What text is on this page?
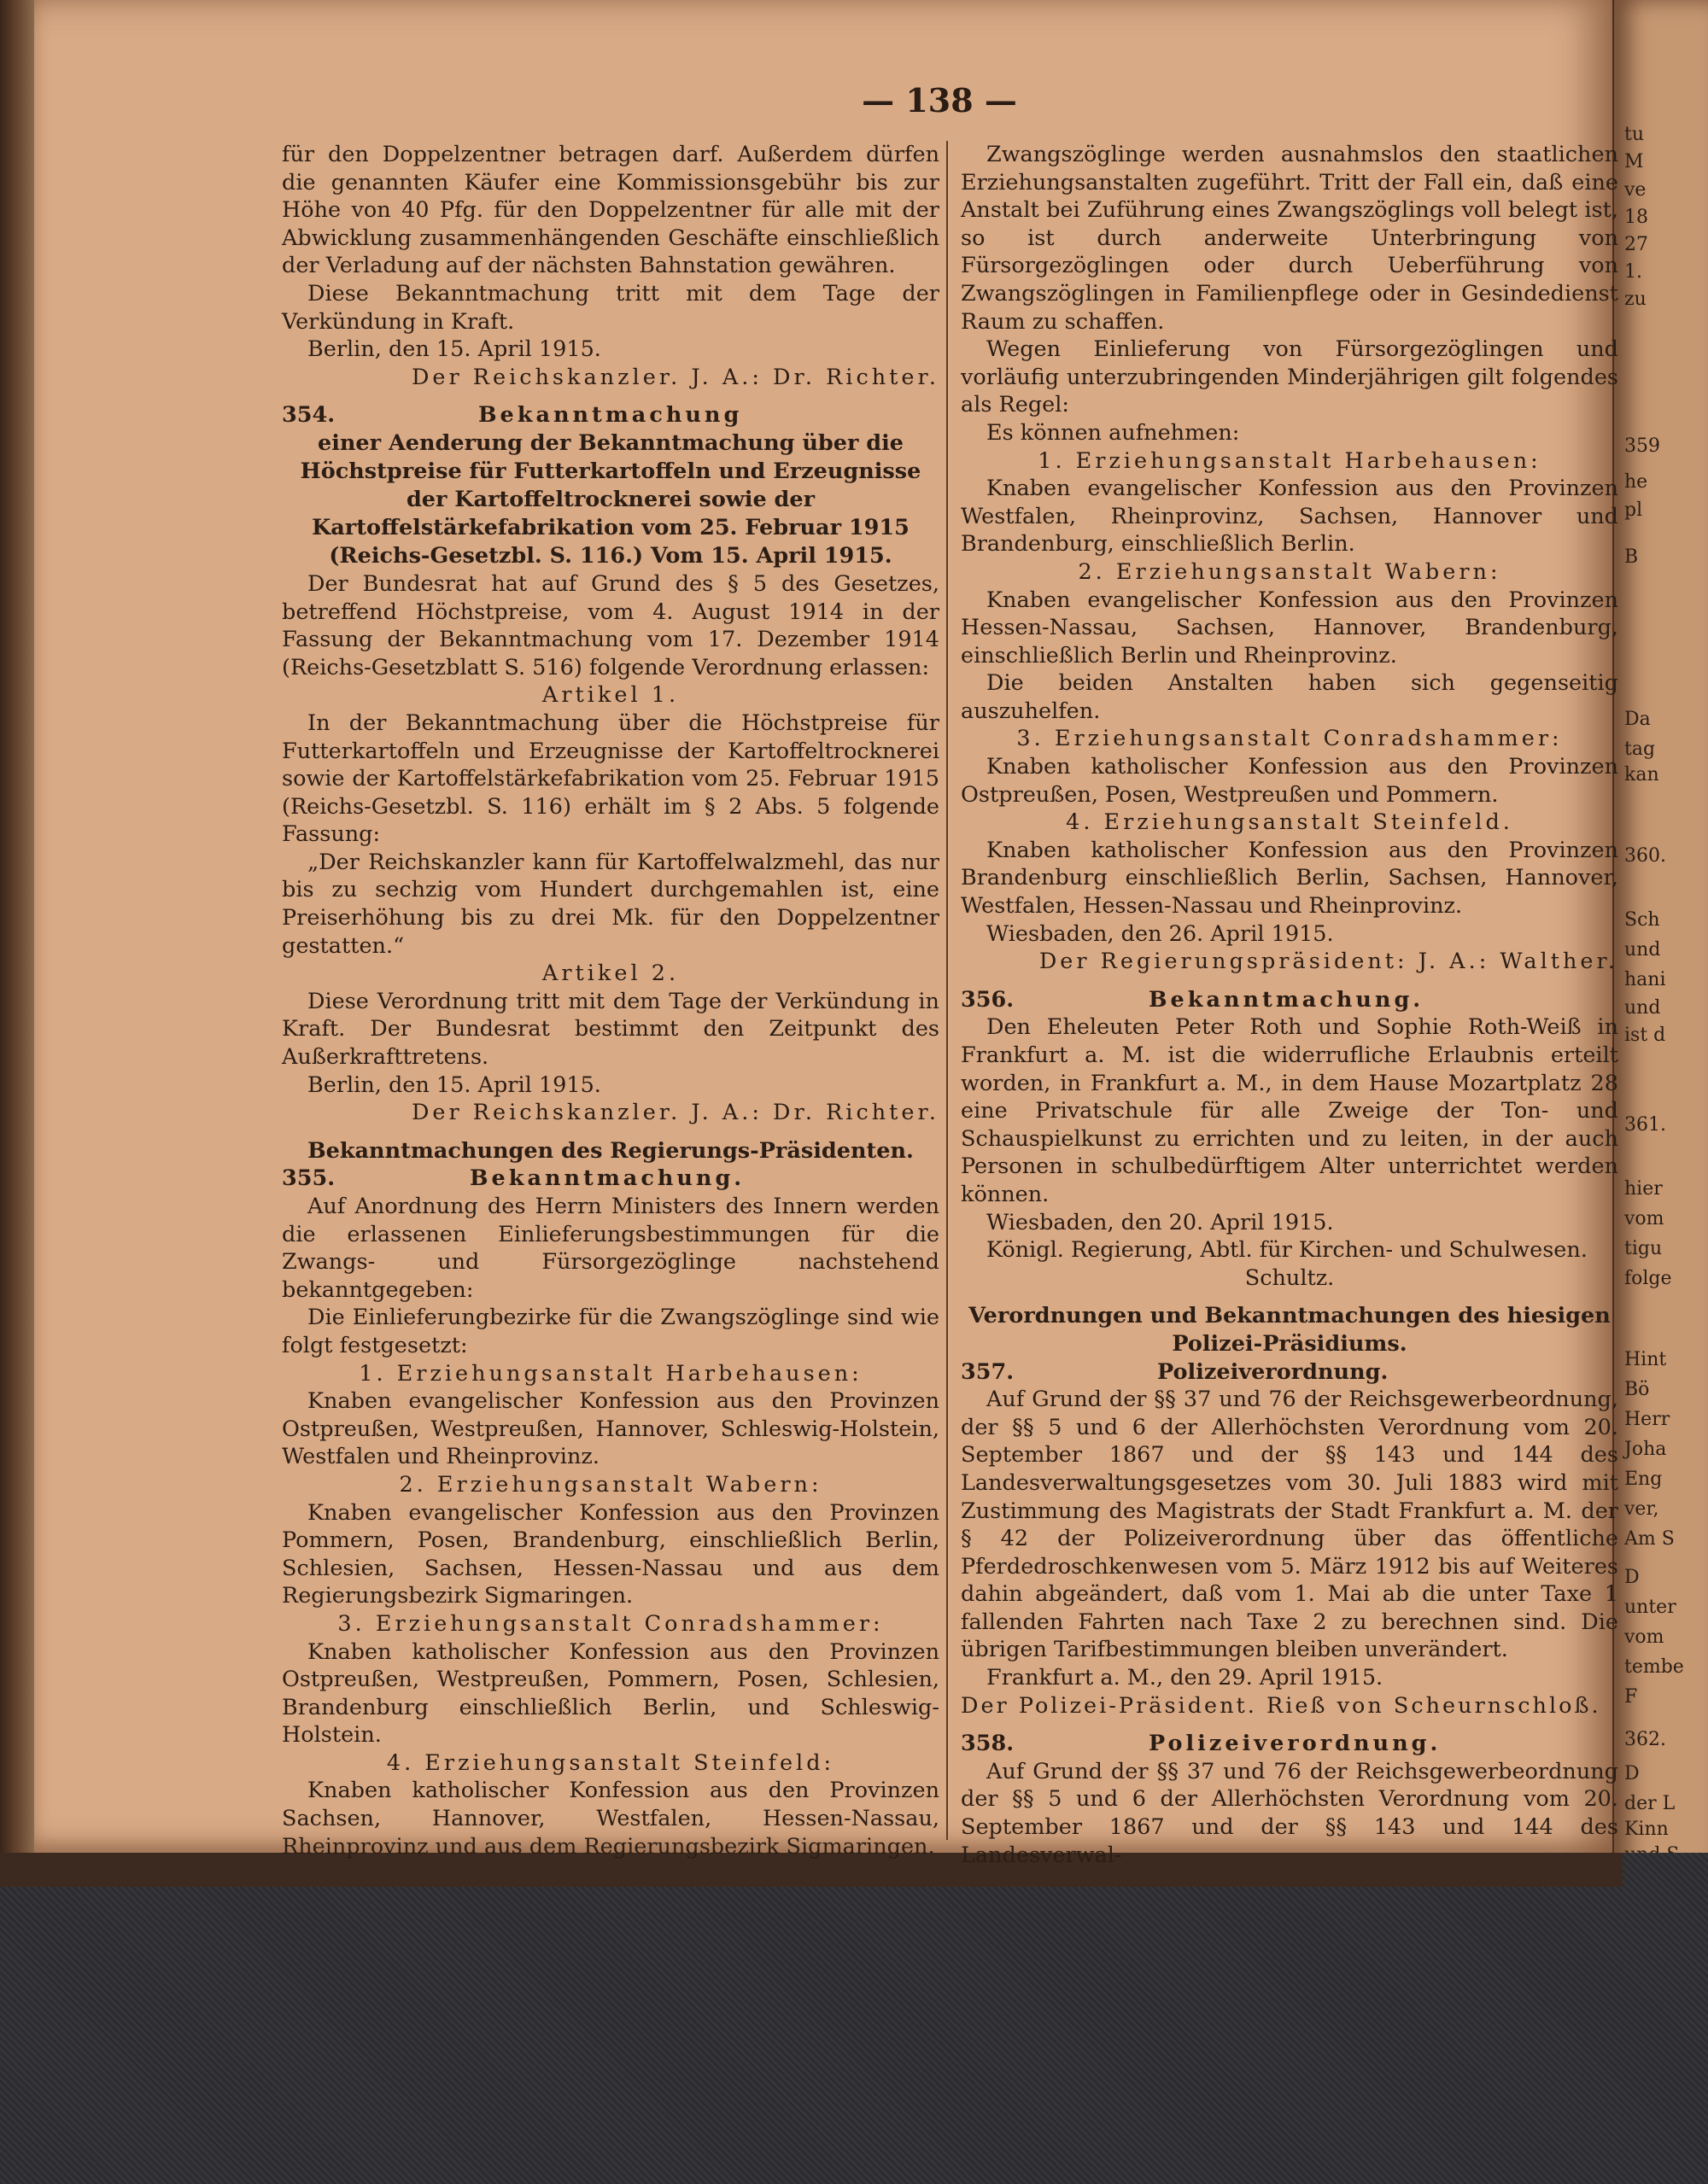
tu
M
ve
18
27
1.
zu
359
he
pl
B
Da
tag
kan
360.
Sch
und
hani
und
ist d
361.
hier
vom
tigu
folge
Hint
Bö
Herr
Joha
Eng
ver,
Am S
D
unter
vom
tembe
F
362.
D
der L
Kinn
— 138 —

für den Doppelzentner betragen darf. Außerdem dürfen die genannten Käufer eine Kommissionsgebühr bis zur Höhe von 40 Pfg. für den Doppelzentner für alle mit der Abwicklung zusammenhängenden Geschäfte einschließlich der Verladung auf der nächsten Bahnstation gewähren.

Diese Bekanntmachung tritt mit dem Tage der Verkündung in Kraft.

Berlin, den 15. April 1915.

Der Reichskanzler. J. A.: Dr. Richter.

354.	Bekanntmachung

einer Aenderung der Bekanntmachung über die Höchstpreise für Futterkartoffeln und Erzeugnisse der Kartoffeltrocknerei sowie der Kartoffelstärkefabrikation vom 25. Februar 1915 (Reichs-Gesetzbl. S. 116.) Vom 15. April 1915.

Der Bundesrat hat auf Grund des § 5 des Gesetzes, betreffend Höchstpreise, vom 4. August 1914 in der Fassung der Bekanntmachung vom 17. Dezember 1914 (Reichs-Gesetzblatt S. 516) folgende Verordnung erlassen:

Artikel 1.

In der Bekanntmachung über die Höchstpreise für Futterkartoffeln und Erzeugnisse der Kartoffeltrocknerei sowie der Kartoffelstärkefabrikation vom 25. Februar 1915 (Reichs-Gesetzbl. S. 116) erhält im § 2 Abs. 5 folgende Fassung:

„Der Reichskanzler kann für Kartoffelwalzmehl, das nur bis zu sechzig vom Hundert durchgemahlen ist, eine Preiserhöhung bis zu drei Mk. für den Doppelzentner gestatten.“

Artikel 2.

Diese Verordnung tritt mit dem Tage der Verkündung in Kraft. Der Bundesrat bestimmt den Zeitpunkt des Außerkrafttretens.

Berlin, den 15. April 1915.

Der Reichskanzler. J. A.: Dr. Richter.

Bekanntmachungen des Regierungs-Präsidenten.

355.	Bekanntmachung.

Auf Anordnung des Herrn Ministers des Innern werden die erlassenen Einlieferungsbestimmungen für die Zwangs- und Fürsorgezöglinge nachstehend bekanntgegeben:

Die Einlieferungbezirke für die Zwangszöglinge sind wie folgt festgesetzt:

1. Erziehungsanstalt Harbehausen:

Knaben evangelischer Konfession aus den Provinzen Ostpreußen, Westpreußen, Hannover, Schleswig-Holstein, Westfalen und Rheinprovinz.

2. Erziehungsanstalt Wabern:

Knaben evangelischer Konfession aus den Provinzen Pommern, Posen, Brandenburg, einschließlich Berlin, Schlesien, Sachsen, Hessen-Nassau und aus dem Regierungsbezirk Sigmaringen.

3. Erziehungsanstalt Conradshammer:

Knaben katholischer Konfession aus den Provinzen Ostpreußen, Westpreußen, Pommern, Posen, Schlesien, Brandenburg einschließlich Berlin, und Schleswig-Holstein.

4. Erziehungsanstalt Steinfeld:

Knaben katholischer Konfession aus den Provinzen Sachsen, Hannover, Westfalen, Hessen-Nassau, Rheinprovinz und aus dem Regierungsbezirk Sigmaringen.

Zwangszöglinge werden ausnahmslos den staatlichen Erziehungsanstalten zugeführt. Tritt der Fall ein, daß eine Anstalt bei Zuführung eines Zwangszöglings voll belegt ist, so ist durch anderweite Unterbringung von Fürsorgezöglingen oder durch Ueberführung von Zwangszöglingen in Familienpflege oder in Gesindedienst Raum zu schaffen.

Wegen Einlieferung von Fürsorgezöglingen und vorläufig unterzubringenden Minderjährigen gilt folgendes als Regel:

Es können aufnehmen:

1. Erziehungsanstalt Harbehausen:

Knaben evangelischer Konfession aus den Provinzen Westfalen, Rheinprovinz, Sachsen, Hannover und Brandenburg, einschließlich Berlin.

2. Erziehungsanstalt Wabern:

Knaben evangelischer Konfession aus den Provinzen Hessen-Nassau, Sachsen, Hannover, Brandenburg, einschließlich Berlin und Rheinprovinz.

Die beiden Anstalten haben sich gegenseitig auszuhelfen.

3. Erziehungsanstalt Conradshammer:

Knaben katholischer Konfession aus den Provinzen Ostpreußen, Posen, Westpreußen und Pommern.

4. Erziehungsanstalt Steinfeld.

Knaben katholischer Konfession aus den Provinzen Brandenburg einschließlich Berlin, Sachsen, Hannover, Westfalen, Hessen-Nassau und Rheinprovinz.

Wiesbaden, den 26. April 1915.

Der Regierungspräsident: J. A.: Walther.

356.	Bekanntmachung.

Den Eheleuten Peter Roth und Sophie Roth-Weiß in Frankfurt a. M. ist die widerrufliche Erlaubnis erteilt worden, in Frankfurt a. M., in dem Hause Mozartplatz 28 eine Privatschule für alle Zweige der Ton- und Schauspielkunst zu errichten und zu leiten, in der auch Personen in schulbedürftigem Alter unterrichtet werden können.

Wiesbaden, den 20. April 1915.

Königl. Regierung, Abtl. für Kirchen- und Schulwesen.

Schultz.

Verordnungen und Bekanntmachungen des hiesigen Polizei-Präsidiums.

357.	Polizeiverordnung.

Auf Grund der §§ 37 und 76 der Reichsgewerbeordnung, der §§ 5 und 6 der Allerhöchsten Verordnung vom 20. September 1867 und der §§ 143 und 144 des Landesverwaltungsgesetzes vom 30. Juli 1883 wird mit Zustimmung des Magistrats der Stadt Frankfurt a. M. der § 42 der Polizeiverordnung über das öffentliche Pferdedroschkenwesen vom 5. März 1912 bis auf Weiteres dahin abgeändert, daß vom 1. Mai ab die unter Taxe 1 fallenden Fahrten nach Taxe 2 zu berechnen sind. Die übrigen Tarifbestimmungen bleiben unverändert.

Frankfurt a. M., den 29. April 1915.

Der Polizei-Präsident. Rieß von Scheurnschloß.

358.	Polizeiverordnung.

Auf Grund der §§ 37 und 76 der Reichsgewerbeordnung der §§ 5 und 6 der Allerhöchsten Verordnung vom 20. September 1867 und der §§ 143 und 144 des Landesverwal-
